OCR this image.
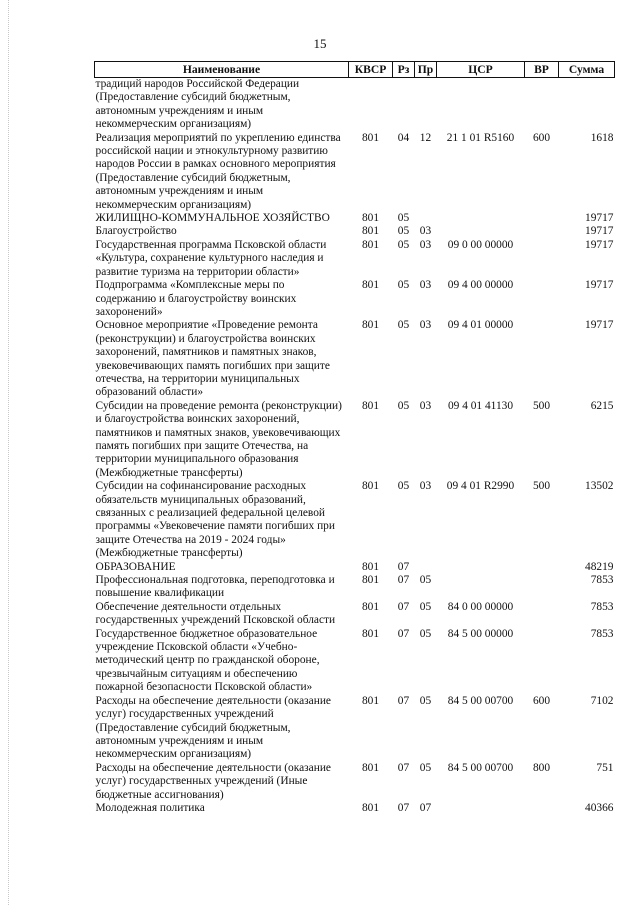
15
Наименование	КВСР	Рз	Пр	ЦСР	ВР	Сумма
традиций народов Российской Федерации (Предоставление субсидий бюджетным, автономным учреждениям и иным некоммерческим организациям)						
Реализация мероприятий по укреплению единства российской нации и этнокультурному развитию народов России в рамках основного мероприятия (Предоставление субсидий бюджетным, автономным учреждениям и иным некоммерческим организациям)	801	04	12	21 1 01 R5160	600	1618
ЖИЛИЩНО-КОММУНАЛЬНОЕ ХОЗЯЙСТВО	801	05				19717
Благоустройство	801	05	03			19717
Государственная программа Псковской области «Культура, сохранение культурного наследия и развитие туризма на территории области»	801	05	03	09 0 00 00000		19717
Подпрограмма «Комплексные меры по содержанию и благоустройству воинских захоронений»	801	05	03	09 4 00 00000		19717
Основное мероприятие «Проведение ремонта (реконструкции) и благоустройства воинских захоронений, памятников и памятных знаков, увековечивающих память погибших при защите отечества, на территории муниципальных образований области»	801	05	03	09 4 01 00000		19717
Субсидии на проведение ремонта (реконструкции) и благоустройства воинских захоронений, памятников и памятных знаков, увековечивающих память погибших при защите Отечества, на территории муниципального образования (Межбюджетные трансферты)	801	05	03	09 4 01 41130	500	6215
Субсидии на софинансирование расходных обязательств муниципальных образований, связанных с реализацией федеральной целевой программы «Увековечение памяти погибших при защите Отечества на 2019 - 2024 годы» (Межбюджетные трансферты)	801	05	03	09 4 01 R2990	500	13502
ОБРАЗОВАНИЕ	801	07				48219
Профессиональная подготовка, переподготовка и повышение квалификации	801	07	05			7853
Обеспечение деятельности отдельных государственных учреждений Псковской области	801	07	05	84 0 00 00000		7853
Государственное бюджетное образовательное учреждение Псковской области «Учебно-методический центр по гражданской обороне, чрезвычайным ситуациям и обеспечению пожарной безопасности Псковской области»	801	07	05	84 5 00 00000		7853
Расходы на обеспечение деятельности (оказание услуг) государственных учреждений (Предоставление субсидий бюджетным, автономным учреждениям и иным некоммерческим организациям)	801	07	05	84 5 00 00700	600	7102
Расходы на обеспечение деятельности (оказание услуг) государственных учреждений (Иные бюджетные ассигнования)	801	07	05	84 5 00 00700	800	751
Молодежная политика	801	07	07			40366
